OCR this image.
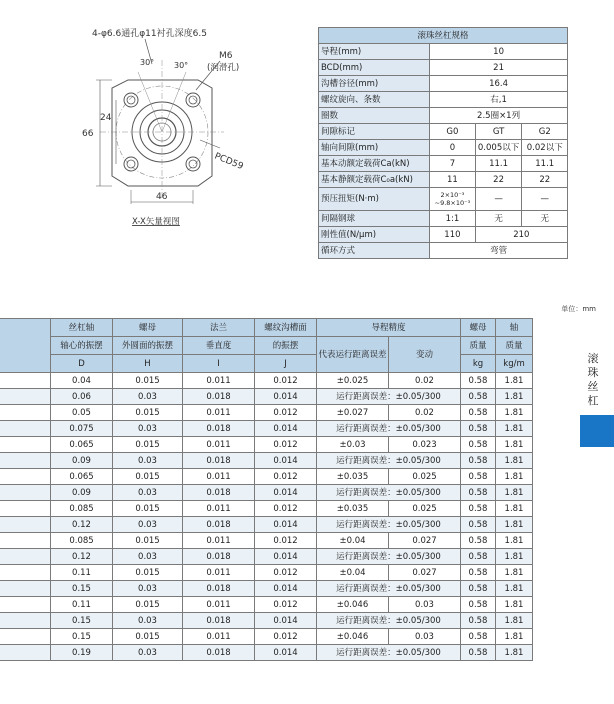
4-φ6.6通孔φ11衬孔深度6.5
30° 30°
M6
(润滑孔)
24
66
46
PCD59
X-X矢量视图
滚珠丝杠规格			
导程(mm)	10		
BCD(mm)	21		
沟槽谷径(mm)	16.4		
螺纹旋向、条数	右,1		
圈数	2.5圈×1列		
间隙标记	G0	GT	G2
轴向间隙(mm)	0	0.005以下	0.02以下
基本动额定载荷Ca(kN)	7	11.1	11.1
基本静额定载荷C₀a(kN)	11	22	22
预压扭矩(N·m)	2×10⁻³
~9.8×10⁻³	—	—
间隔钢球	1:1	无	无
刚性值(N/μm)	110	210	
循环方式	弯管		
单位：mm
	丝杠轴	螺母	法兰	螺纹沟槽面	导程精度		螺母	轴
	轴心的振摆	外圆面的振摆	垂直度	的振摆	代表运行距离误差	变动	质量	质量
	D	H	I	J			kg	kg/m
	0.04	0.015	0.011	0.012	±0.025	0.02	0.58	1.81
	0.06	0.03	0.018	0.014	运行距离误差：±0.05/300		0.58	1.81
	0.05	0.015	0.011	0.012	±0.027	0.02	0.58	1.81
	0.075	0.03	0.018	0.014	运行距离误差：±0.05/300		0.58	1.81
	0.065	0.015	0.011	0.012	±0.03	0.023	0.58	1.81
	0.09	0.03	0.018	0.014	运行距离误差：±0.05/300		0.58	1.81
	0.065	0.015	0.011	0.012	±0.035	0.025	0.58	1.81
	0.09	0.03	0.018	0.014	运行距离误差：±0.05/300		0.58	1.81
	0.085	0.015	0.011	0.012	±0.035	0.025	0.58	1.81
	0.12	0.03	0.018	0.014	运行距离误差：±0.05/300		0.58	1.81
	0.085	0.015	0.011	0.012	±0.04	0.027	0.58	1.81
	0.12	0.03	0.018	0.014	运行距离误差：±0.05/300		0.58	1.81
	0.11	0.015	0.011	0.012	±0.04	0.027	0.58	1.81
	0.15	0.03	0.018	0.014	运行距离误差：±0.05/300		0.58	1.81
	0.11	0.015	0.011	0.012	±0.046	0.03	0.58	1.81
	0.15	0.03	0.018	0.014	运行距离误差：±0.05/300		0.58	1.81
	0.15	0.015	0.011	0.012	±0.046	0.03	0.58	1.81
	0.19	0.03	0.018	0.014	运行距离误差：±0.05/300		0.58	1.81
滚珠丝杠
